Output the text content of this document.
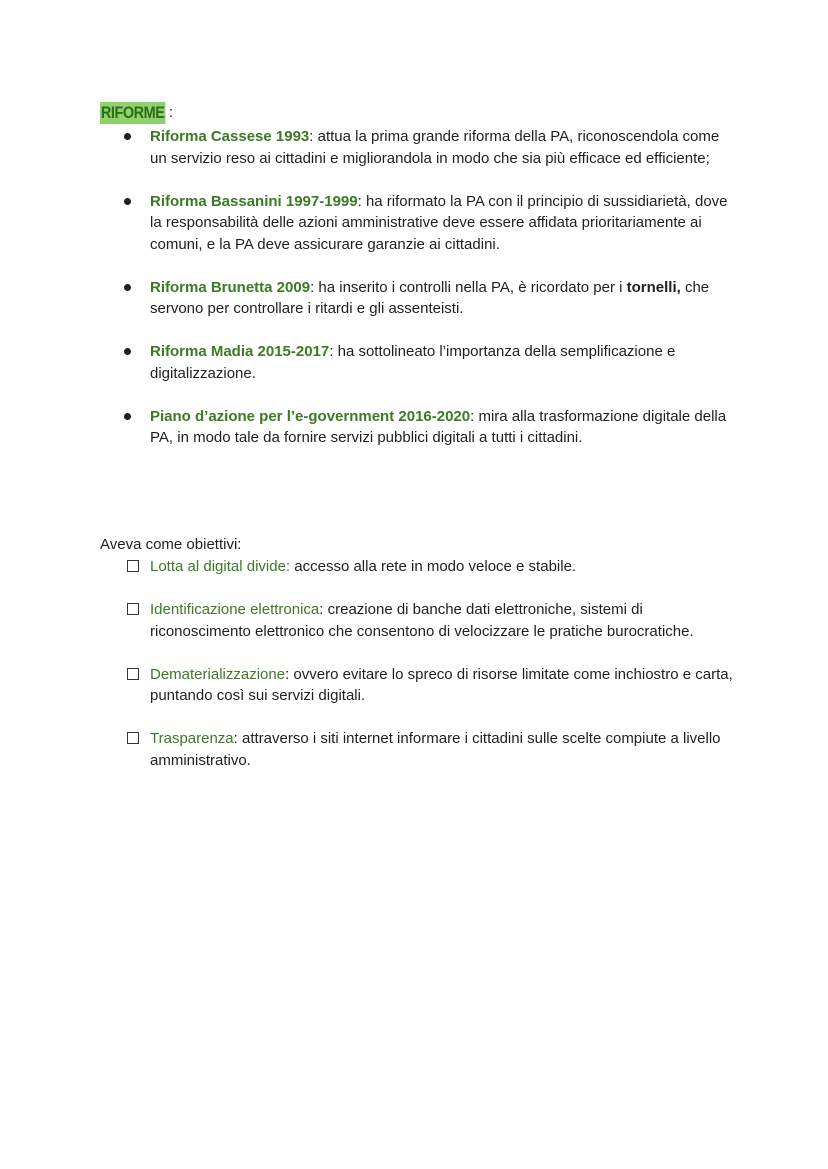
RIFORME :
Riforma Cassese 1993: attua la prima grande riforma della PA, riconoscendola come un servizio reso ai cittadini e migliorandola in modo che sia più efficace ed efficiente;
Riforma Bassanini 1997-1999: ha riformato la PA con il principio di sussidiarietà, dove la responsabilità delle azioni amministrative deve essere affidata prioritariamente ai comuni, e la PA deve assicurare garanzie ai cittadini.
Riforma Brunetta 2009: ha inserito i controlli nella PA, è ricordato per i tornelli, che servono per controllare i ritardi e gli assenteisti.
Riforma Madia 2015-2017: ha sottolineato l’importanza della semplificazione e digitalizzazione.
Piano d’azione per l’e-government 2016-2020: mira alla trasformazione digitale della PA, in modo tale da fornire servizi pubblici digitali a tutti i cittadini.
Aveva come obiettivi:
Lotta al digital divide: accesso alla rete in modo veloce e stabile.
Identificazione elettronica: creazione di banche dati elettroniche, sistemi di riconoscimento elettronico che consentono di velocizzare le pratiche burocratiche.
Dematerializzazione: ovvero evitare lo spreco di risorse limitate come inchiostro e carta, puntando così sui servizi digitali.
Trasparenza: attraverso i siti internet informare i cittadini sulle scelte compiute a livello amministrativo.
